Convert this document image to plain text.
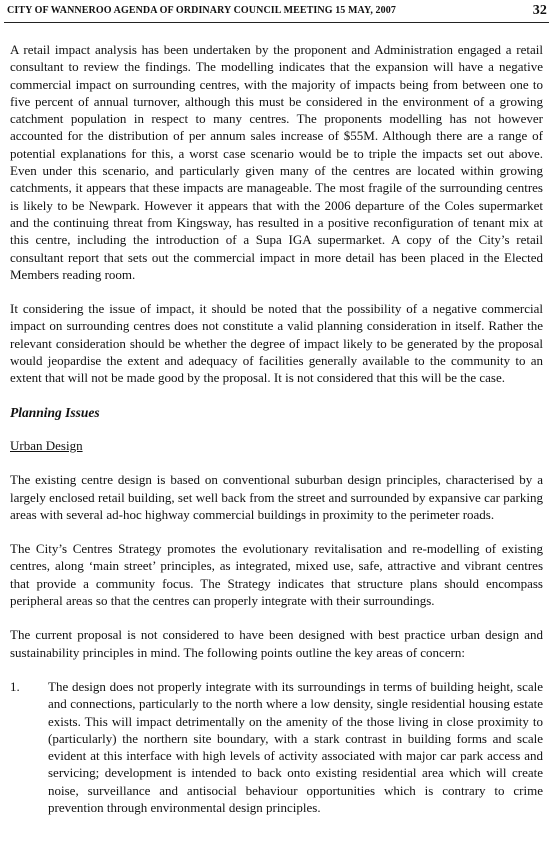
CITY OF WANNEROO AGENDA OF ORDINARY COUNCIL MEETING 15 MAY, 2007	32

A retail impact analysis has been undertaken by the proponent and Administration engaged a retail consultant to review the findings. The modelling indicates that the expansion will have a negative commercial impact on surrounding centres, with the majority of impacts being from between one to five percent of annual turnover, although this must be considered in the environment of a growing catchment population in respect to many centres. The proponents modelling has not however accounted for the distribution of per annum sales increase of $55M. Although there are a range of potential explanations for this, a worst case scenario would be to triple the impacts set out above. Even under this scenario, and particularly given many of the centres are located within growing catchments, it appears that these impacts are manageable. The most fragile of the surrounding centres is likely to be Newpark. However it appears that with the 2006 departure of the Coles supermarket and the continuing threat from Kingsway, has resulted in a positive reconfiguration of tenant mix at this centre, including the introduction of a Supa IGA supermarket. A copy of the City’s retail consultant report that sets out the commercial impact in more detail has been placed in the Elected Members reading room.

It considering the issue of impact, it should be noted that the possibility of a negative commercial impact on surrounding centres does not constitute a valid planning consideration in itself. Rather the relevant consideration should be whether the degree of impact likely to be generated by the proposal would jeopardise the extent and adequacy of facilities generally available to the community to an extent that will not be made good by the proposal. It is not considered that this will be the case.

Planning Issues
Urban Design

The existing centre design is based on conventional suburban design principles, characterised by a largely enclosed retail building, set well back from the street and surrounded by expansive car parking areas with several ad-hoc highway commercial buildings in proximity to the perimeter roads.

The City’s Centres Strategy promotes the evolutionary revitalisation and re-modelling of existing centres, along ‘main street’ principles, as integrated, mixed use, safe, attractive and vibrant centres that provide a community focus. The Strategy indicates that structure plans should encompass peripheral areas so that the centres can properly integrate with their surroundings.

The current proposal is not considered to have been designed with best practice urban design and sustainability principles in mind. The following points outline the key areas of concern:

1.	The design does not properly integrate with its surroundings in terms of building height, scale and connections, particularly to the north where a low density, single residential housing estate exists. This will impact detrimentally on the amenity of the those living in close proximity to (particularly) the northern site boundary, with a stark contrast in building forms and scale evident at this interface with high levels of activity associated with major car park access and servicing; development is intended to back onto existing residential area which will create noise, surveillance and antisocial behaviour opportunities which is contrary to crime prevention through environmental design principles.
